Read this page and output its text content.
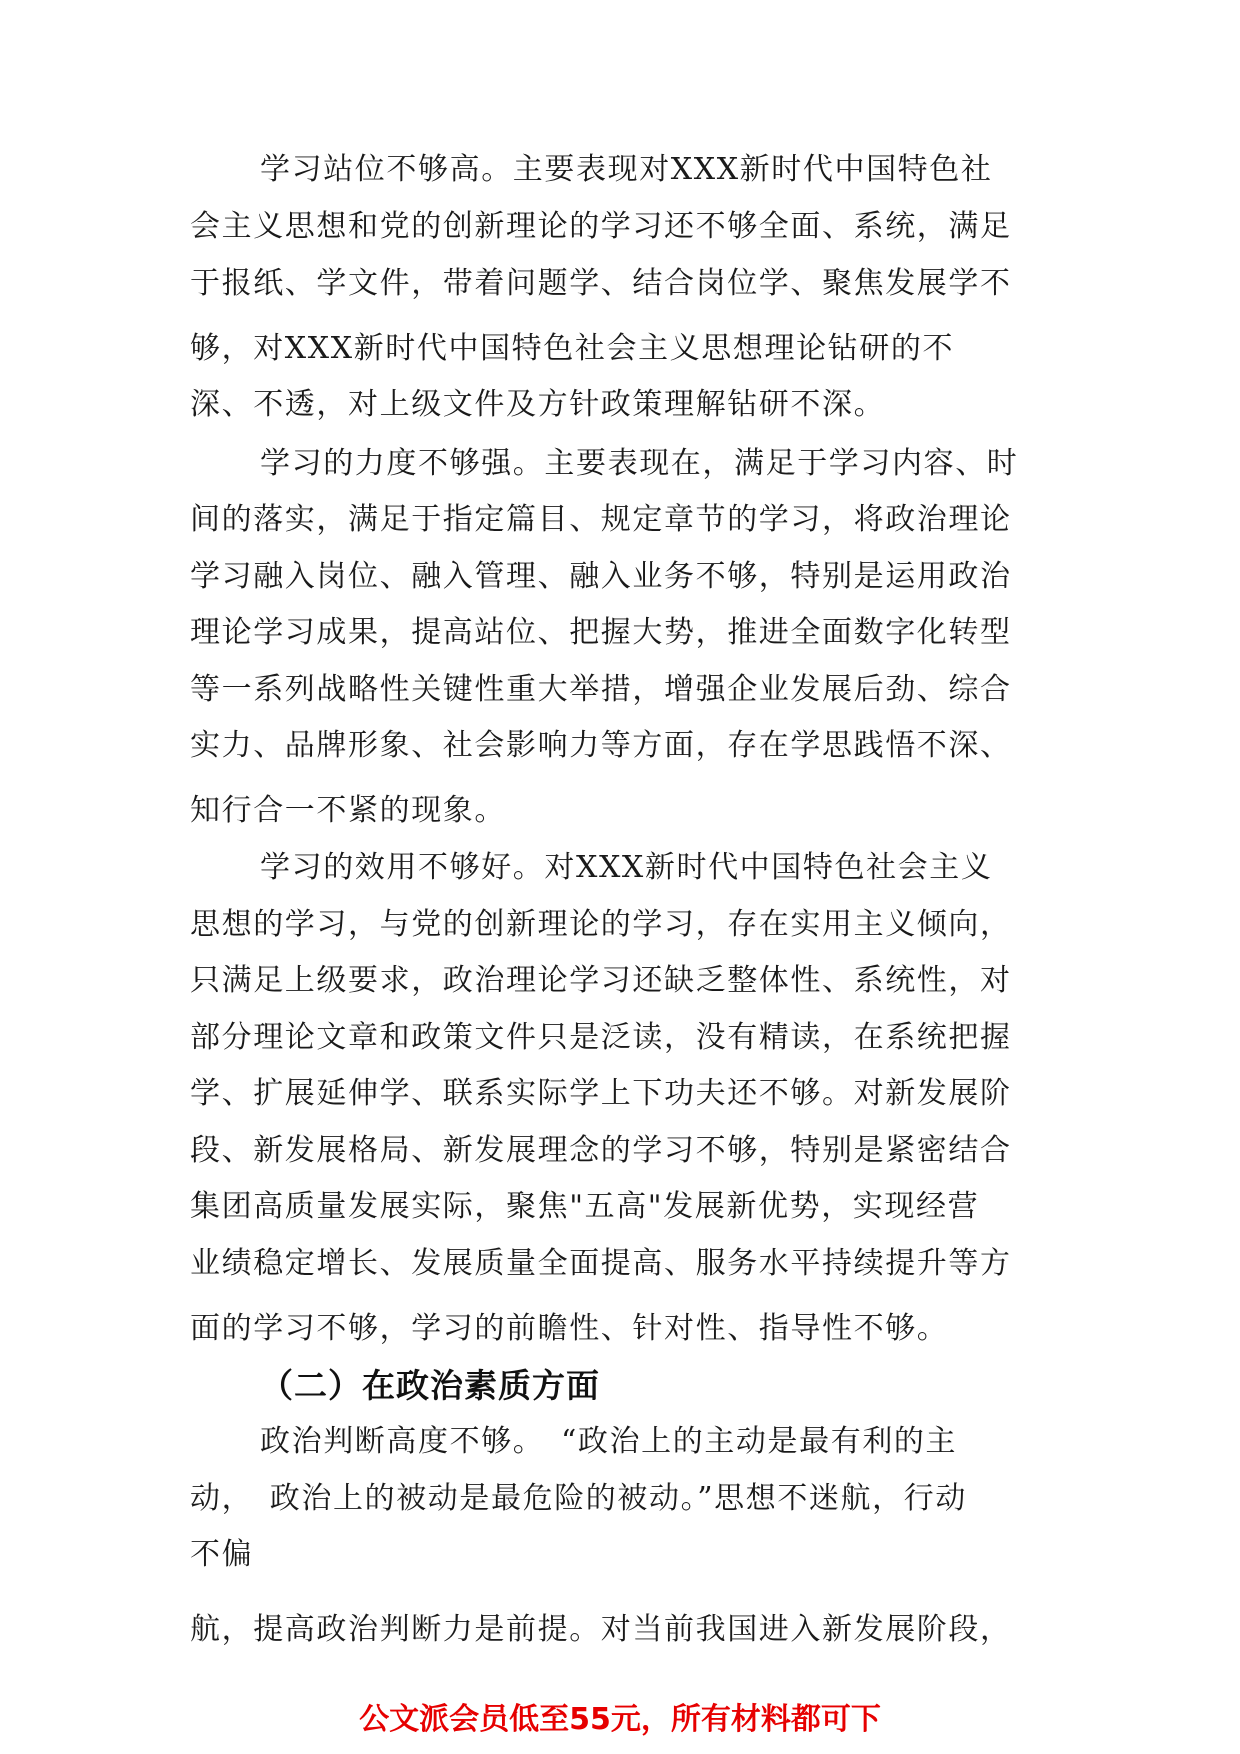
学习站位不够高。主要表现对XXX新时代中国特色社
会主义思想和党的创新理论的学习还不够全面、系统，满足
于报纸、学文件，带着问题学、结合岗位学、聚焦发展学不
够，对XXX新时代中国特色社会主义思想理论钻研的不
深、不透，对上级文件及方针政策理解钻研不深。
学习的力度不够强。主要表现在，满足于学习内容、时
间的落实，满足于指定篇目、规定章节的学习，将政治理论
学习融入岗位、融入管理、融入业务不够，特别是运用政治
理论学习成果，提高站位、把握大势，推进全面数字化转型
等一系列战略性关键性重大举措，增强企业发展后劲、综合
实力、品牌形象、社会影响力等方面，存在学思践悟不深、
知行合一不紧的现象。
学习的效用不够好。对XXX新时代中国特色社会主义
思想的学习，与党的创新理论的学习，存在实用主义倾向，
只满足上级要求，政治理论学习还缺乏整体性、系统性，对
部分理论文章和政策文件只是泛读，没有精读，在系统把握
学、扩展延伸学、联系实际学上下功夫还不够。对新发展阶
段、新发展格局、新发展理念的学习不够，特别是紧密结合
集团高质量发展实际，聚焦"五高"发展新优势，实现经营
业绩稳定增长、发展质量全面提高、服务水平持续提升等方
面的学习不够，学习的前瞻性、针对性、指导性不够。
（二）在政治素质方面
政治判断高度不够。　“政治上的主动是最有利的主
动，　政治上的被动是最危险的被动。”思想不迷航，行动
不偏
航，提高政治判断力是前提。对当前我国进入新发展阶段，
公文派会员低至55元，所有材料都可下
